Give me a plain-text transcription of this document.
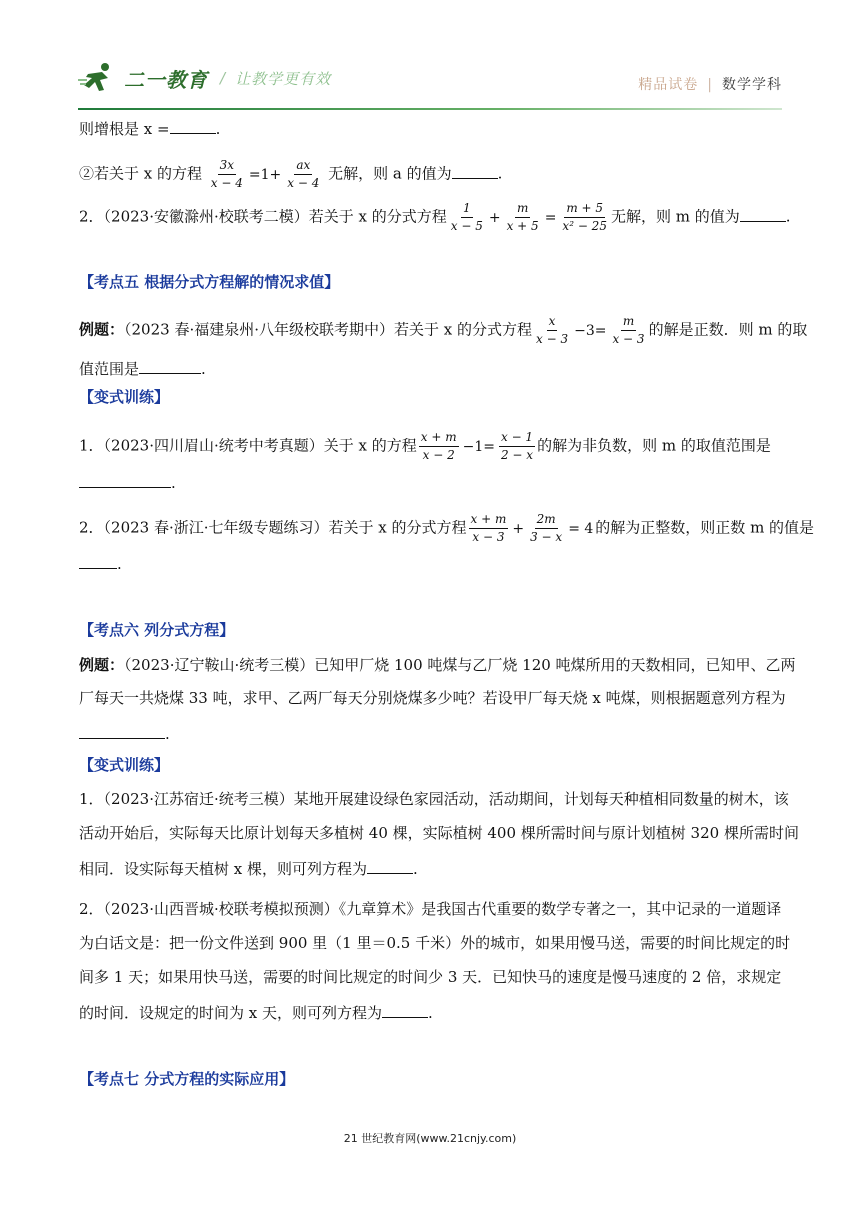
二一教育 / 让教学更有效	精品试卷 | 数学学科
则增根是 x =	.
②若关于 x 的方程 $\frac{3x}{x - 4} =1+ \frac{ax}{x - 4}$ 无解，则 a 的值为	.
2．（2023·安徽滁州·校联考二模）若关于 x 的分式方程 $\frac{1}{x - 5} + \frac{m}{x + 5} = \frac{m + 5}{\text{x² − 25}}$ 无解，则 m 的值为	.
【考点五 根据分式方程解的情况求值】
例题：（2023 春·福建泉州·八年级校联考期中）若关于 x 的分式方程 $\frac{x}{x - 3} -3= \frac{m}{x - 3}$ 的解是正数．则 m 的取
值范围是	.
【变式训练】
1．（2023·四川眉山·统考中考真题）关于 x 的方程 $\frac{x + m}{x - 2} -1= \frac{x - 1}{2 - x}$ 的解为非负数，则 m 的取值范围是
.
2．（2023 春·浙江·七年级专题练习）若关于 x 的分式方程 $\frac{x + m}{x - 3} + \frac{2m}{3 - x} = 4$ 的解为正整数，则正数 m 的值是
.
【考点六 列分式方程】
例题：（2023·辽宁鞍山·统考三模）已知甲厂烧 100 吨煤与乙厂烧 120 吨煤所用的天数相同，已知甲、乙两
厂每天一共烧煤 33 吨，求甲、乙两厂每天分别烧煤多少吨？若设甲厂每天烧 x 吨煤，则根据题意列方程为
.
【变式训练】
1．（2023·江苏宿迁·统考三模）某地开展建设绿色家园活动，活动期间，计划每天种植相同数量的树木，该
活动开始后，实际每天比原计划每天多植树 40 棵，实际植树 400 棵所需时间与原计划植树 320 棵所需时间
相同．设实际每天植树 x 棵，则可列方程为	.
2．（2023·山西晋城·校联考模拟预测）《九章算术》是我国古代重要的数学专著之一，其中记录的一道题译
为白话文是：把一份文件送到 900 里（1 里＝0.5 千米）外的城市，如果用慢马送，需要的时间比规定的时
间多 1 天；如果用快马送，需要的时间比规定的时间少 3 天．已知快马的速度是慢马速度的 2 倍，求规定
的时间．设规定的时间为 x 天，则可列方程为	.
【考点七 分式方程的实际应用】
21 世纪教育网(www.21cnjy.com)
